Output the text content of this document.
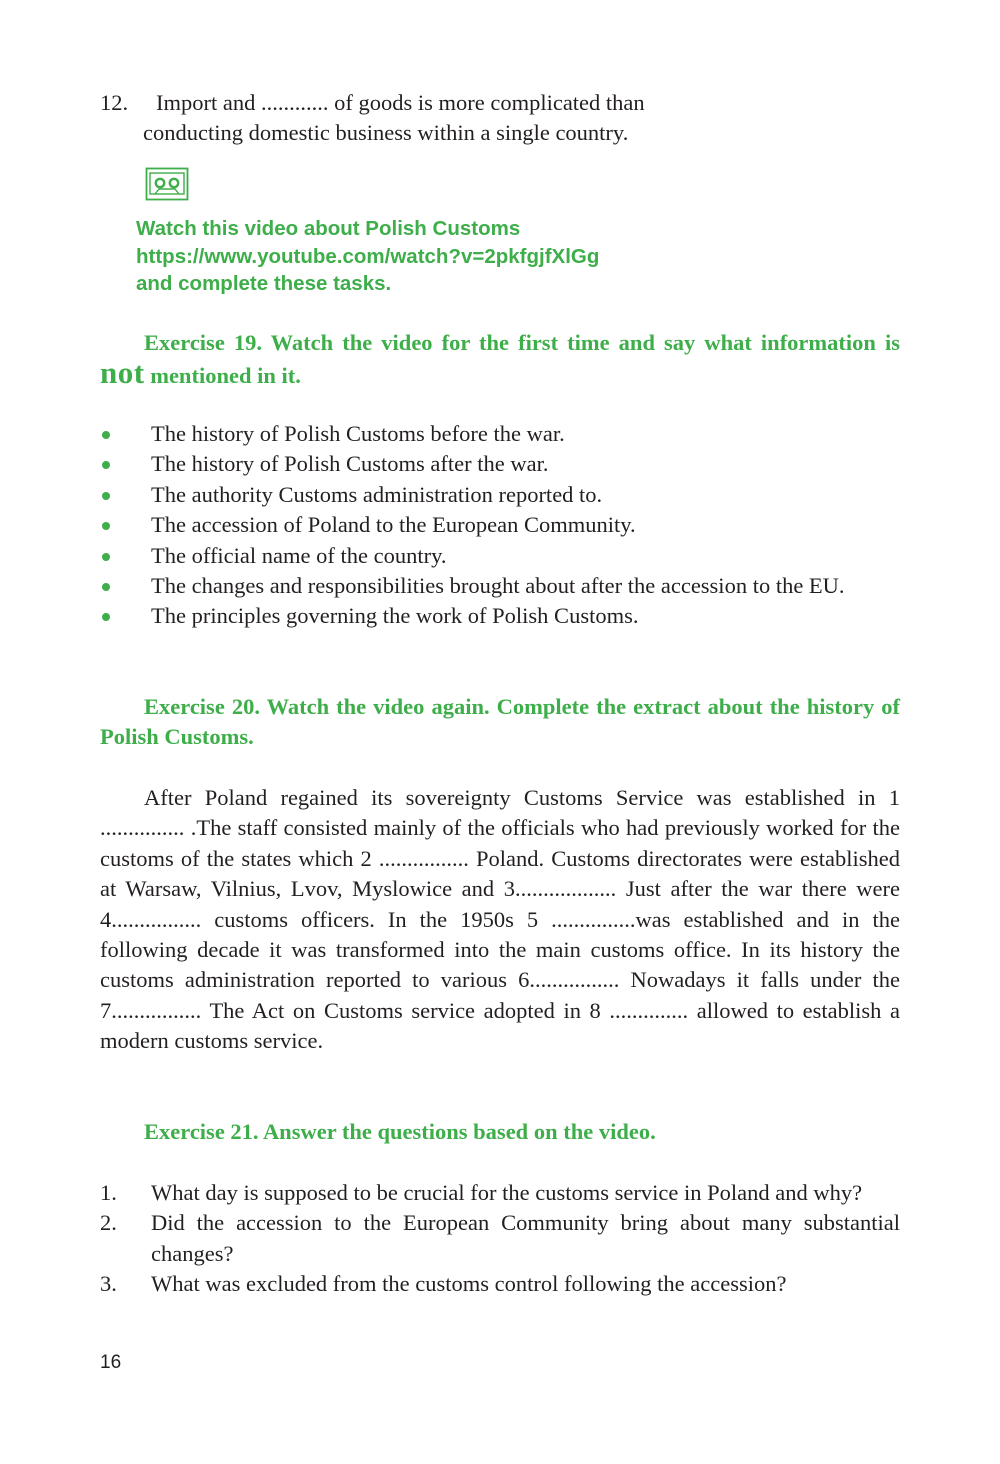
12. Import and ............ of goods is more complicated than
conducting domestic business within a single country.
Watch this video about Polish Customs
https://www.youtube.com/watch?v=2pkfgjfXlGg
and complete these tasks.
Exercise 19. Watch the video for the first time and say what information is not mentioned in it.
The history of Polish Customs before the war.
The history of Polish Customs after the war.
The authority Customs administration reported to.
The accession of Poland to the European Community.
The official name of the country.
The changes and responsibilities brought about after the accession to the EU.
The principles governing the work of Polish Customs.
Exercise 20. Watch the video again. Complete the extract about the history of Polish Customs.
After Poland regained its sovereignty Customs Service was established in 1 ............... .The staff consisted mainly of the officials who had previously worked for the customs of the states which 2 ................ Poland. Customs directorates were established at Warsaw, Vilnius, Lvov, Myslowice and 3.................. Just after the war there were 4................ customs officers. In the 1950s 5 ...............was established and in the following decade it was transformed into the main customs office. In its history the customs administration reported to various 6................ Nowadays it falls under the 7................ The Act on Customs service adopted in 8 .............. allowed to establish a modern customs service.
Exercise 21. Answer the questions based on the video.
1. What day is supposed to be crucial for the customs service in Poland and why?
2. Did the accession to the European Community bring about many substantial changes?
3. What was excluded from the customs control following the accession?
16
